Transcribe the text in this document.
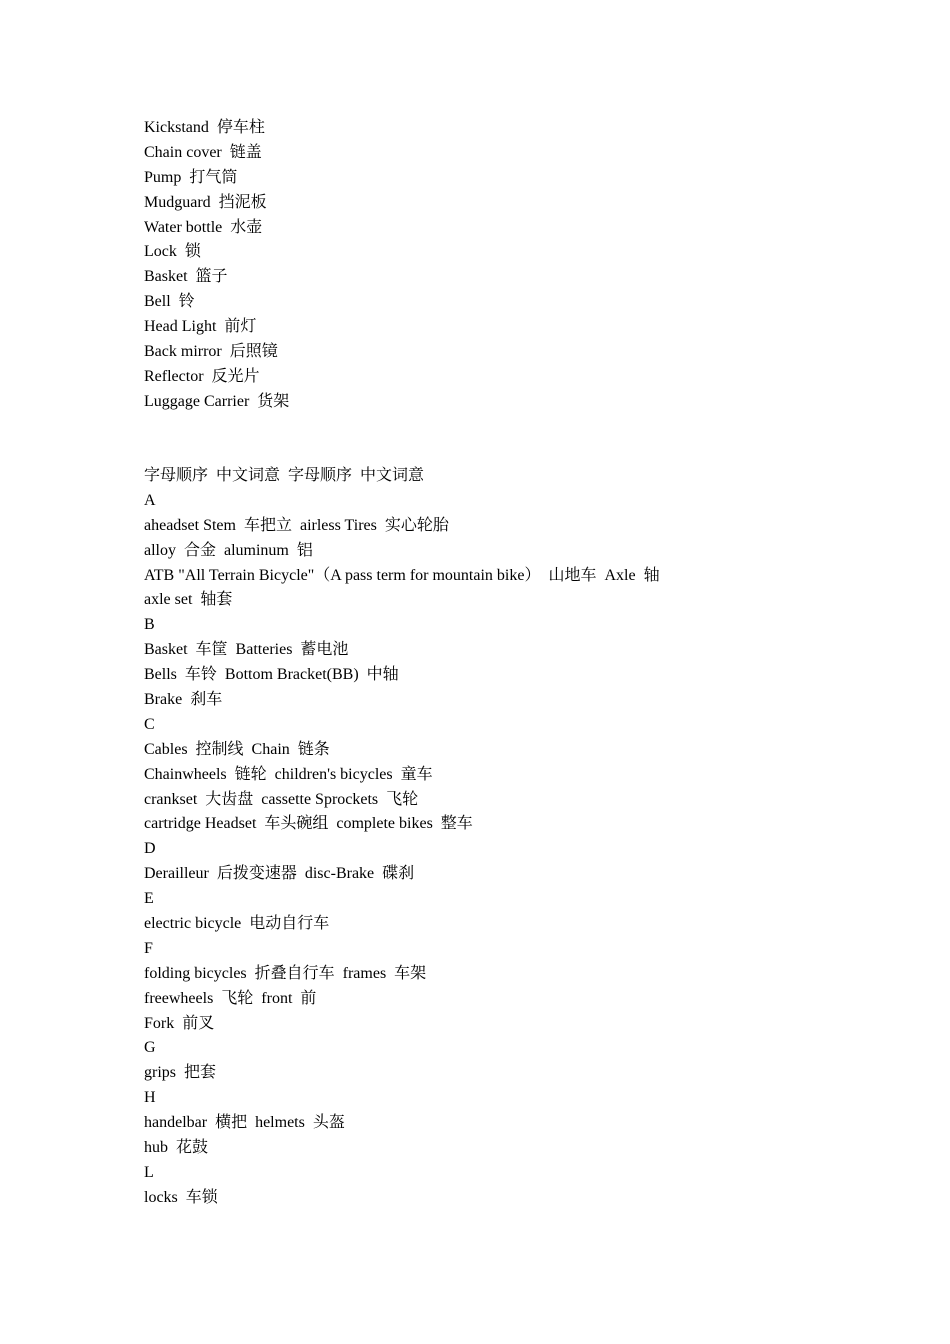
Kickstand  停车柱
Chain cover  链盖
Pump  打气筒
Mudguard  挡泥板
Water bottle  水壶
Lock  锁
Basket  篮子
Bell  铃
Head Light  前灯
Back mirror  后照镜
Reflector  反光片
Luggage Carrier  货架
字母顺序  中文词意  字母顺序  中文词意
A
aheadset Stem  车把立  airless Tires  实心轮胎
alloy  合金  aluminum  铝
ATB "All Terrain Bicycle"（A pass term for mountain bike）  山地车  Axle  轴
axle set  轴套
B
Basket  车筐  Batteries  蓄电池
Bells  车铃  Bottom Bracket(BB)  中轴
Brake  刹车
C
Cables  控制线  Chain  链条
Chainwheels  链轮  children's bicycles  童车
crankset  大齿盘  cassette Sprockets  飞轮
cartridge Headset  车头碗组  complete bikes  整车
D
Derailleur  后拨变速器  disc-Brake  碟刹
E
electric bicycle  电动自行车
F
folding bicycles  折叠自行车  frames  车架
freewheels  飞轮  front  前
Fork  前叉
G
grips  把套
H
handelbar  横把  helmets  头盔
hub  花鼓
L
locks  车锁
